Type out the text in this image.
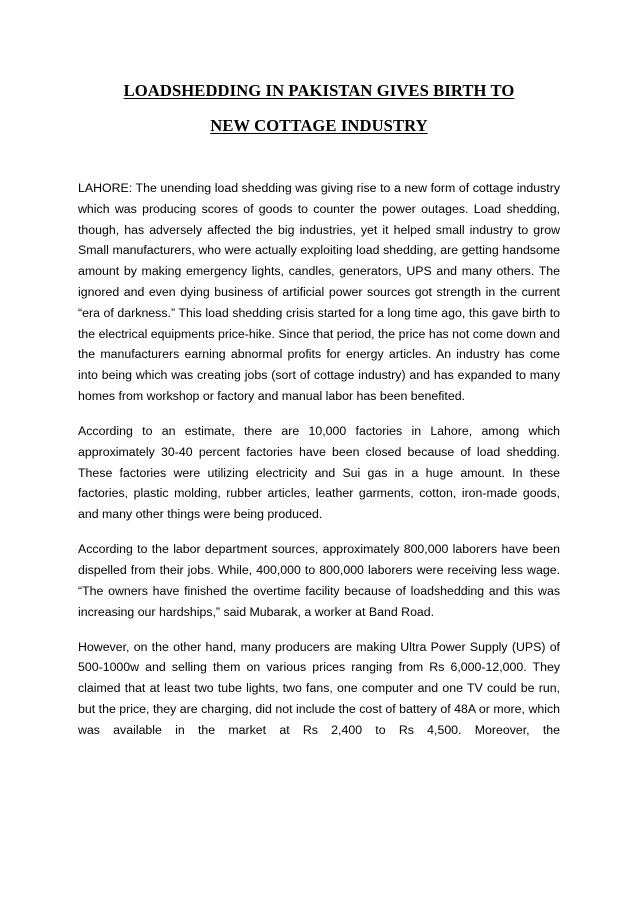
LOADSHEDDING IN PAKISTAN GIVES BIRTH TO
NEW COTTAGE INDUSTRY

LAHORE: The unending load shedding was giving rise to a new form of cottage industry which was producing scores of goods to counter the power outages. Load shedding, though, has adversely affected the big industries, yet it helped small industry to grow Small manufacturers, who were actually exploiting load shedding, are getting handsome amount by making emergency lights, candles, generators, UPS and many others. The ignored and even dying business of artificial power sources got strength in the current “era of darkness.” This load shedding crisis started for a long time ago, this gave birth to the electrical equipments price-hike. Since that period, the price has not come down and the manufacturers earning abnormal profits for energy articles. An industry has come into being which was creating jobs (sort of cottage industry) and has expanded to many homes from workshop or factory and manual labor has been benefited.

According to an estimate, there are 10,000 factories in Lahore, among which approximately 30-40 percent factories have been closed because of load shedding. These factories were utilizing electricity and Sui gas in a huge amount. In these factories, plastic molding, rubber articles, leather garments, cotton, iron-made goods, and many other things were being produced.

According to the labor department sources, approximately 800,000 laborers have been dispelled from their jobs. While, 400,000 to 800,000 laborers were receiving less wage. “The owners have finished the overtime facility because of loadshedding and this was increasing our hardships,” said Mubarak, a worker at Band Road.

However, on the other hand, many producers are making Ultra Power Supply (UPS) of 500-1000w and selling them on various prices ranging from Rs 6,000-12,000. They claimed that at least two tube lights, two fans, one computer and one TV could be run, but the price, they are charging, did not include the cost of battery of 48A or more, which was available in the market at Rs 2,400 to Rs 4,500. Moreover, the
